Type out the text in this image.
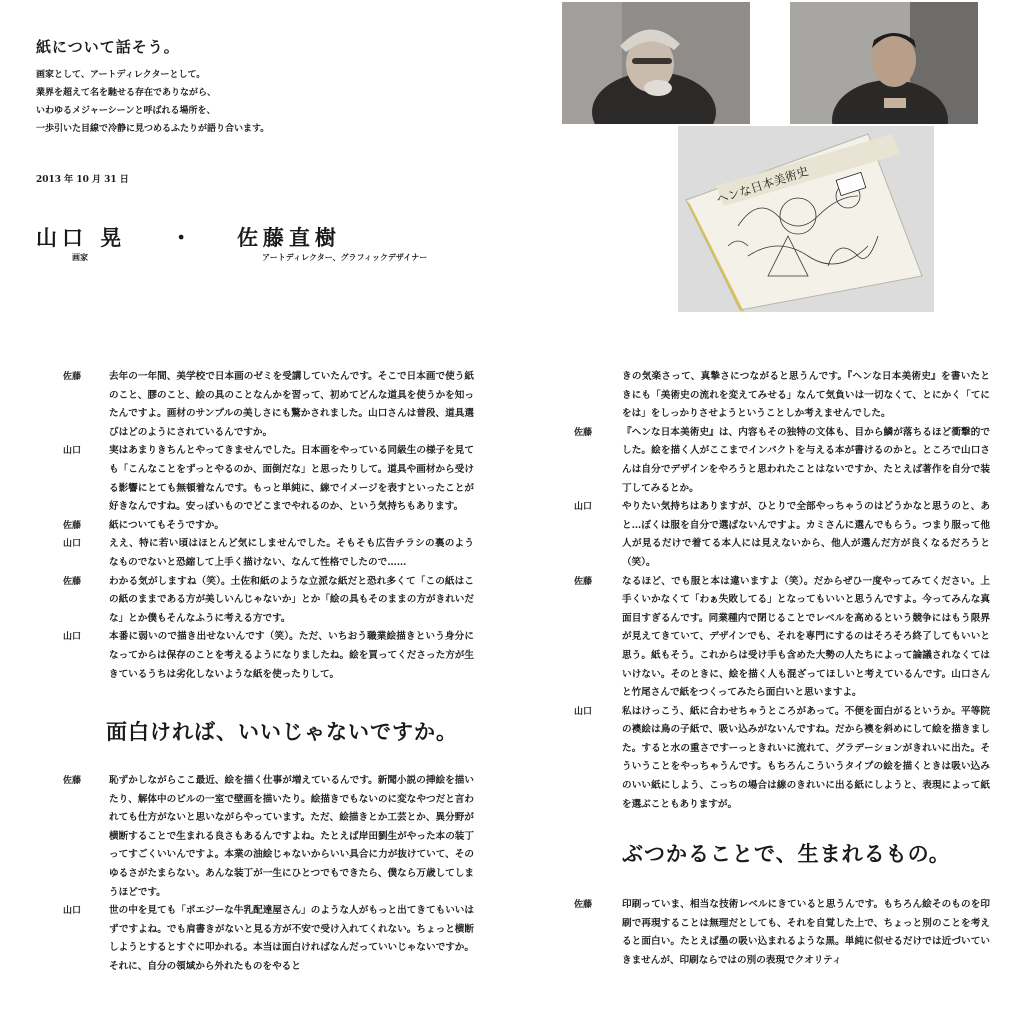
紙について話そう。
画家として、アートディレクターとして。
業界を超えて名を馳せる存在でありながら、
いわゆるメジャーシーンと呼ばれる場所を、
一歩引いた目線で冷静に見つめるふたりが語り合います。
2013 年 10 月 31 日
山口 晃 ・ 佐藤直樹
画家	アートディレクター、グラフィックデザイナー
ヘンな日本美術史
佐藤	去年の一年間、美学校で日本画のゼミを受講していたんです。そこで日本画で使う紙のこと、膠のこと、絵の具のことなんかを習って、初めてどんな道具を使うかを知ったんですよ。画材のサンプルの美しさにも驚かされました。山口さんは普段、道具選びはどのようにされているんですか。
山口	実はあまりきちんとやってきませんでした。日本画をやっている同級生の様子を見ても「こんなことをずっとやるのか、面倒だな」と思ったりして。道具や画材から受ける影響にとても無頓着なんです。もっと単純に、線でイメージを表すといったことが好きなんですね。安っぽいものでどこまでやれるのか、という気持ちもあります。
佐藤	紙についてもそうですか。
山口	ええ、特に若い頃はほとんど気にしませんでした。そもそも広告チラシの裏のようなものでないと恐縮して上手く描けない、なんて性格でしたので……
佐藤	わかる気がしますね（笑）。土佐和紙のような立派な紙だと恐れ多くて「この紙はこの紙のままである方が美しいんじゃないか」とか「絵の具もそのままの方がきれいだな」とか僕もそんなふうに考える方です。
山口	本番に弱いので描き出せないんです（笑）。ただ、いちおう職業絵描きという身分になってからは保存のことを考えるようになりましたね。絵を買ってくださった方が生きているうちは劣化しないような紙を使ったりして。
面白ければ、いいじゃないですか。
佐藤	恥ずかしながらここ最近、絵を描く仕事が増えているんです。新聞小説の挿絵を描いたり、解体中のビルの一室で壁画を描いたり。絵描きでもないのに変なやつだと言われても仕方がないと思いながらやっています。ただ、絵描きとか工芸とか、異分野が横断することで生まれる良さもあるんですよね。たとえば岸田劉生がやった本の装丁ってすごくいいんですよ。本業の油絵じゃないからいい具合に力が抜けていて、そのゆるさがたまらない。あんな装丁が一生にひとつでもできたら、僕なら万歳してしまうほどです。
山口	世の中を見ても「ポエジーな牛乳配達屋さん」のような人がもっと出てきてもいいはずですよね。でも肩書きがないと見る方が不安で受け入れてくれない。ちょっと横断しようとするとすぐに叩かれる。本当は面白ければなんだっていいじゃないですか。それに、自分の領域から外れたものをやると
きの気楽さって、真摯さにつながると思うんです。『ヘンな日本美術史』を書いたときにも「美術史の流れを変えてみせる」なんて気負いは一切なくて、とにかく「てにをは」をしっかりさせようということしか考えませんでした。
佐藤	『ヘンな日本美術史』は、内容もその独特の文体も、目から鱗が落ちるほど衝撃的でした。絵を描く人がここまでインパクトを与える本が書けるのかと。ところで山口さんは自分でデザインをやろうと思われたことはないですか、たとえば著作を自分で装丁してみるとか。
山口	やりたい気持ちはありますが、ひとりで全部やっちゃうのはどうかなと思うのと、あと…ぼくは服を自分で選ばないんですよ。カミさんに選んでもらう。つまり服って他人が見るだけで着てる本人には見えないから、他人が選んだ方が良くなるだろうと（笑）。
佐藤	なるほど、でも服と本は違いますよ（笑）。だからぜひ一度やってみてください。上手くいかなくて「わぁ失敗してる」となってもいいと思うんですよ。今ってみんな真面目すぎるんです。同業種内で閉じることでレベルを高めるという競争にはもう限界が見えてきていて、デザインでも、それを専門にするのはそろそろ終了してもいいと思う。紙もそう。これからは受け手も含めた大勢の人たちによって論議されなくてはいけない。そのときに、絵を描く人も混ざってほしいと考えているんです。山口さんと竹尾さんで紙をつくってみたら面白いと思いますよ。
山口	私はけっこう、紙に合わせちゃうところがあって。不便を面白がるというか。平等院の襖絵は鳥の子紙で、吸い込みがないんですね。だから襖を斜めにして絵を描きました。すると水の重さですーっときれいに流れて、グラデーションがきれいに出た。そういうことをやっちゃうんです。もちろんこういうタイプの絵を描くときは吸い込みのいい紙にしよう、こっちの場合は線のきれいに出る紙にしようと、表現によって紙を選ぶこともありますが。
ぶつかることで、生まれるもの。
佐藤	印刷っていま、相当な技術レベルにきていると思うんです。もちろん絵そのものを印刷で再現することは無理だとしても、それを自覚した上で、ちょっと別のことを考えると面白い。たとえば墨の吸い込まれるような黒。単純に似せるだけでは近づいていきませんが、印刷ならではの別の表現でクオリティ
